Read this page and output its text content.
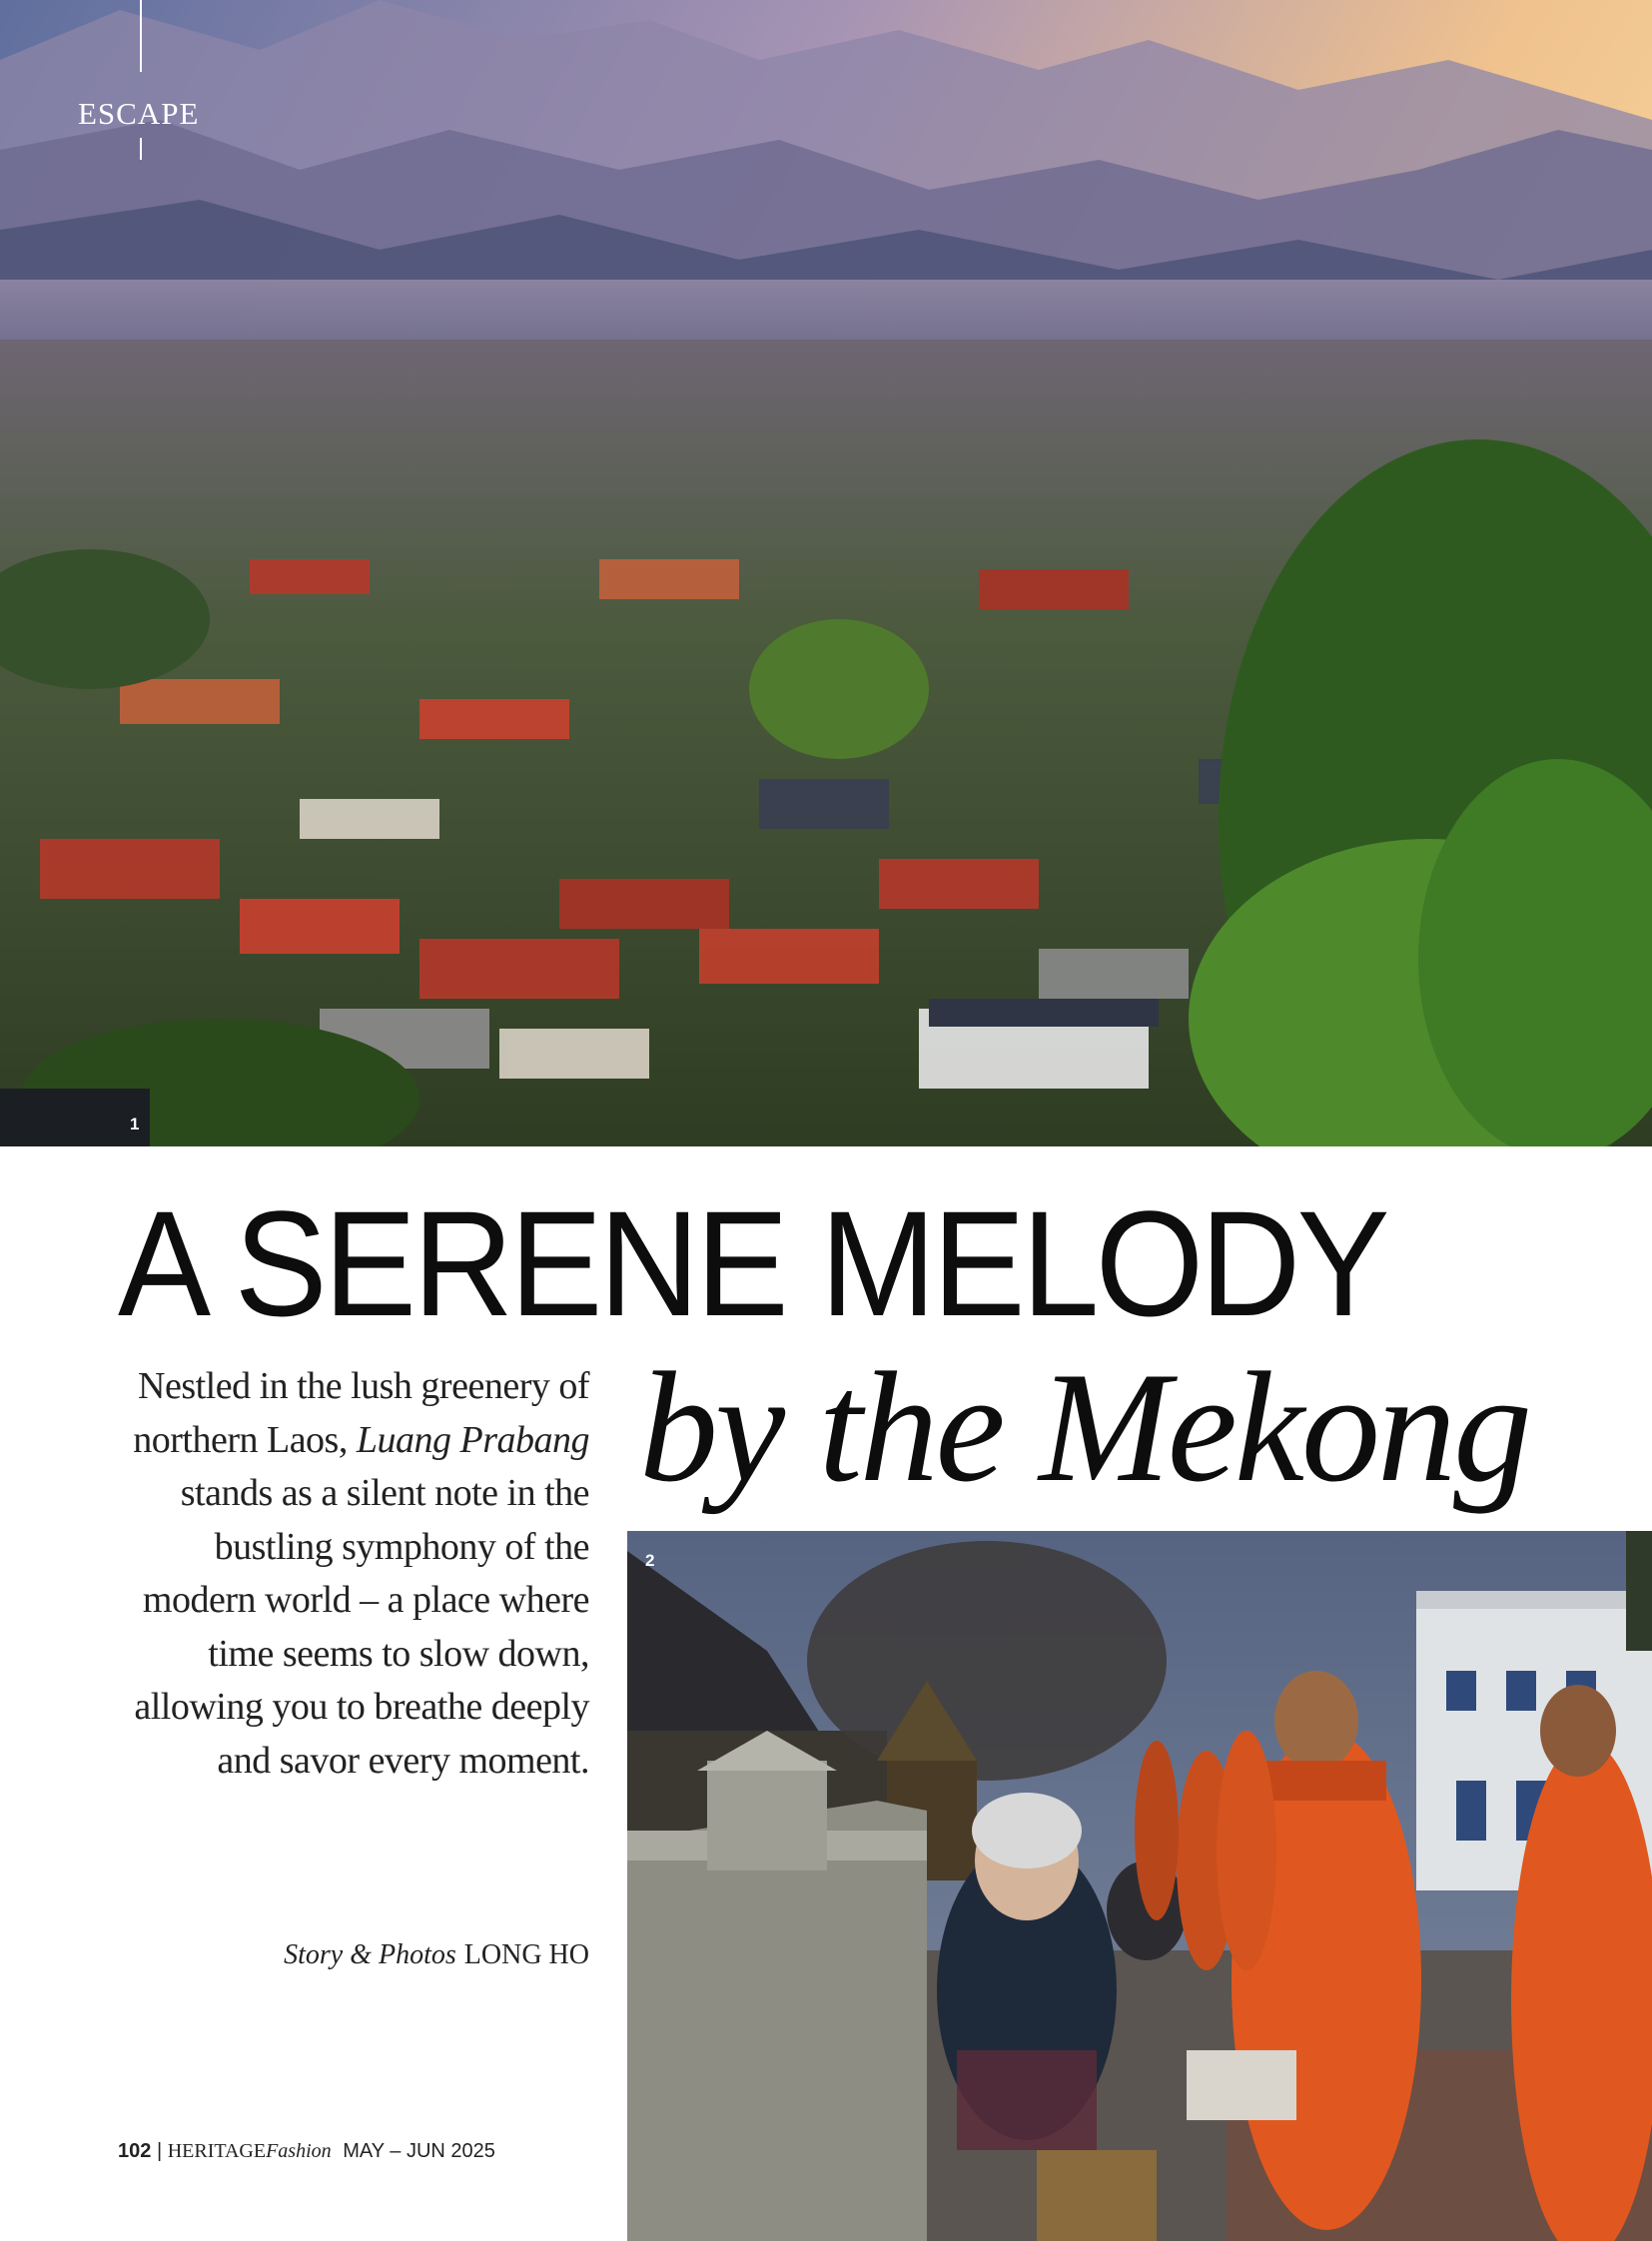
ESCAPE
1
A SERENE MELODY
by the Mekong
Nestled in the lush greenery of northern Laos, Luang Prabang stands as a silent note in the bustling symphony of the modern world – a place where time seems to slow down, allowing you to breathe deeply and savor every moment.
Story & Photos LONG HO
2
102 | HERITAGEFashion MAY – JUN 2025
